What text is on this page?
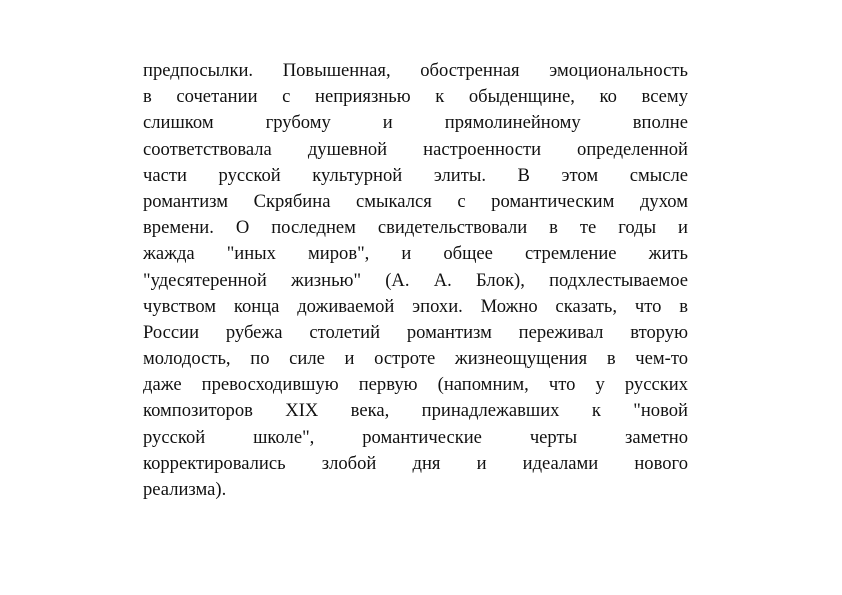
предпосылки. Повышенная, обостренная эмоциональность
в сочетании с неприязнью к обыденщине, ко всему
слишком грубому и прямолинейному вполне
соответствовала душевной настроенности определенной
части русской культурной элиты. В этом смысле
романтизм Скрябина смыкался с романтическим духом
времени. О последнем свидетельствовали в те годы и
жажда "иных миров", и общее стремление жить
"удесятеренной жизнью" (А. А. Блок), подхлестываемое
чувством конца доживаемой эпохи. Можно сказать, что в
России рубежа столетий романтизм переживал вторую
молодость, по силе и остроте жизнеощущения в чем-то
даже превосходившую первую (напомним, что у русских
композиторов XIX века, принадлежавших к "новой
русской школе", романтические черты заметно
корректировались злобой дня и идеалами нового
реализма).
